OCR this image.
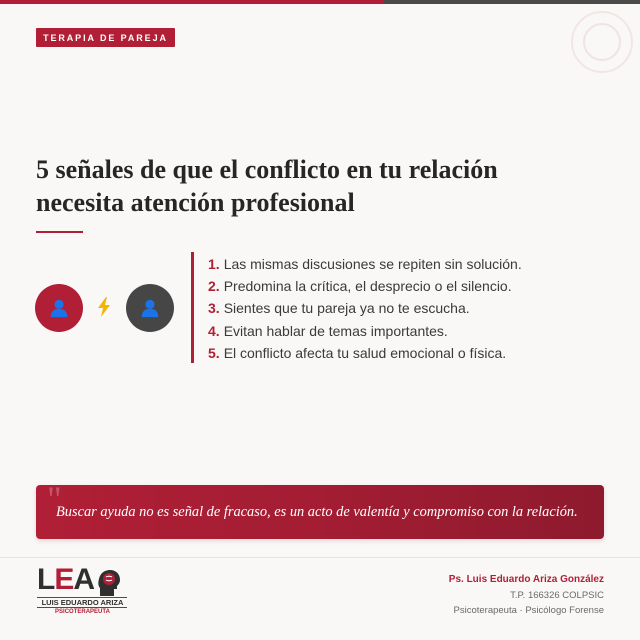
TERAPIA DE PAREJA
5 señales de que el conflicto en tu relación
necesita atención profesional
1. Las mismas discusiones se repiten sin solución.
2. Predomina la crítica, el desprecio o el silencio.
3. Sientes que tu pareja ya no te escucha.
4. Evitan hablar de temas importantes.
5. El conflicto afecta tu salud emocional o física.
"

Buscar ayuda no es señal de fracaso, es un acto de valentía y compromiso con la relación.

L E A
LUIS EDUARDO ARIZA
PSICOTERAPEUTA
Ps. Luis Eduardo Ariza González
T.P. 166326 COLPSIC
Psicoterapeuta · Psicólogo Forense
